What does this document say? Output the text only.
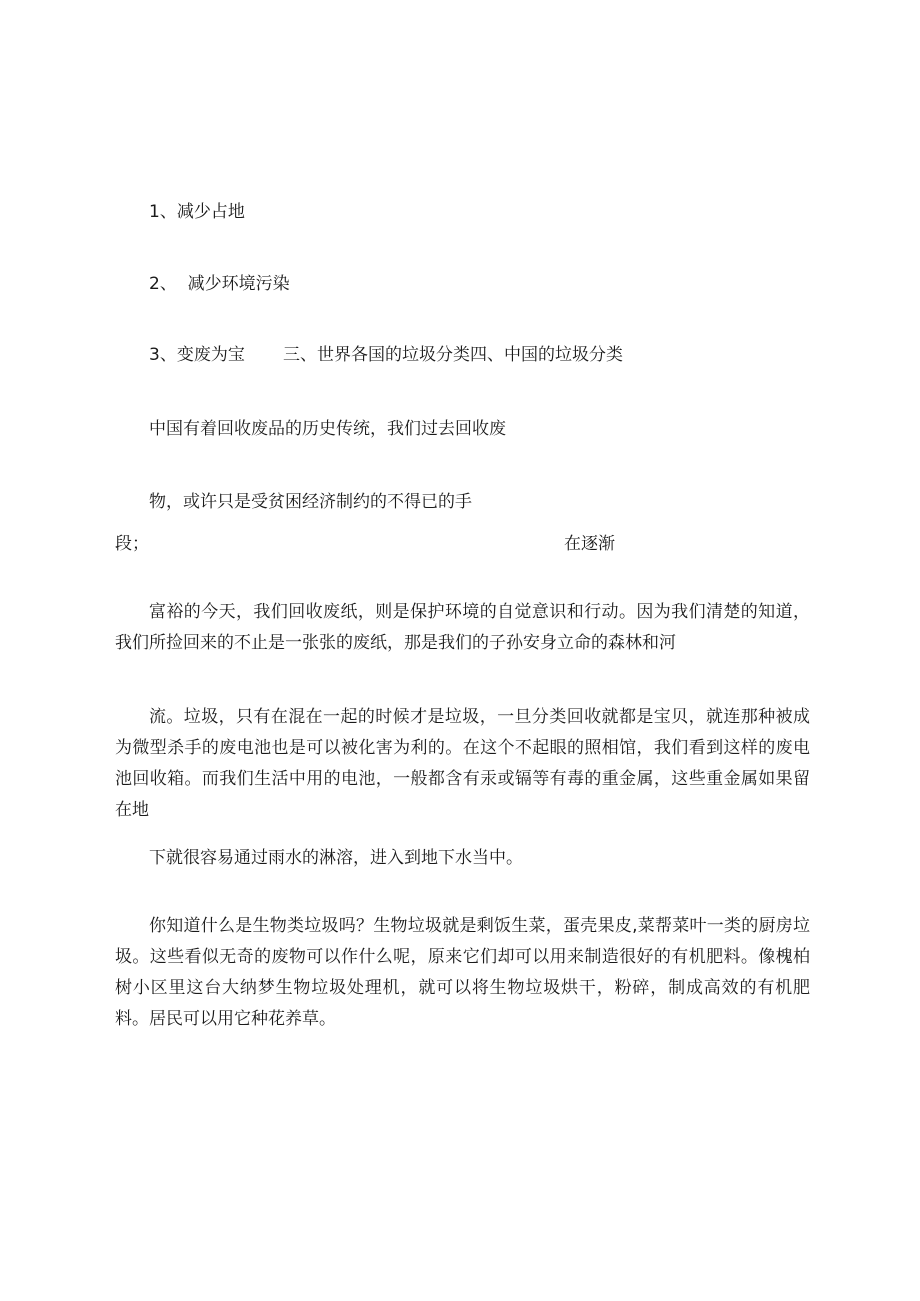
1、减少占地
2、  减少环境污染
3、变废为宝 三、世界各国的垃圾分类四、中国的垃圾分类
中国有着回收废品的历史传统，我们过去回收废
物，或许只是受贫困经济制约的不得已的手
段；	在逐渐
富裕的今天，我们回收废纸，则是保护环境的自觉意识和行动。因为我们清楚的知道，我们所捡回来的不止是一张张的废纸，那是我们的子孙安身立命的森林和河
流。垃圾，只有在混在一起的时候才是垃圾，一旦分类回收就都是宝贝，就连那种被成为微型杀手的废电池也是可以被化害为利的。在这个不起眼的照相馆，我们看到这样的废电池回收箱。而我们生活中用的电池，一般都含有汞或镉等有毒的重金属，这些重金属如果留在地
下就很容易通过雨水的淋溶，进入到地下水当中。
你知道什么是生物类垃圾吗？生物垃圾就是剩饭生菜，蛋壳果皮,菜帮菜叶一类的厨房垃圾。这些看似无奇的废物可以作什么呢，原来它们却可以用来制造很好的有机肥料。像槐柏树小区里这台大纳梦生物垃圾处理机，就可以将生物垃圾烘干，粉碎，制成高效的有机肥料。居民可以用它种花养草。
